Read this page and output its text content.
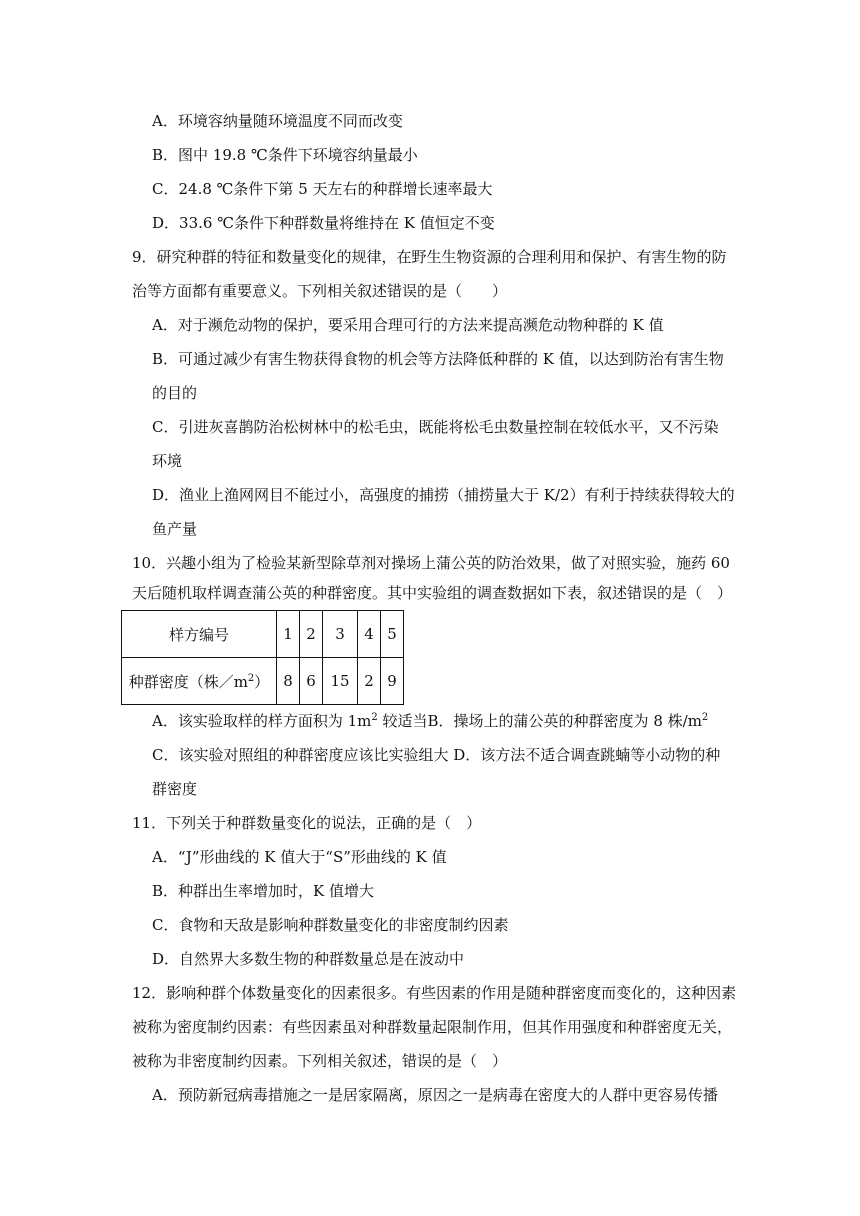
A．环境容纳量随环境温度不同而改变
B．图中 19.8 ℃条件下环境容纳量最小
C．24.8 ℃条件下第 5 天左右的种群增长速率最大
D．33.6 ℃条件下种群数量将维持在 K 值恒定不变
9．研究种群的特征和数量变化的规律，在野生生物资源的合理利用和保护、有害生物的防
治等方面都有重要意义。下列相关叙述错误的是（　　）
A．对于濒危动物的保护，要采用合理可行的方法来提高濒危动物种群的 K 值
B．可通过减少有害生物获得食物的机会等方法降低种群的 K 值，以达到防治有害生物
的目的
C．引进灰喜鹊防治松树林中的松毛虫，既能将松毛虫数量控制在较低水平，又不污染
环境
D．渔业上渔网网目不能过小，高强度的捕捞（捕捞量大于 K/2）有利于持续获得较大的
鱼产量
10．兴趣小组为了检验某新型除草剂对操场上蒲公英的防治效果，做了对照实验，施药 60
天后随机取样调查蒲公英的种群密度。其中实验组的调查数据如下表，叙述错误的是（　）
样方编号	1	2	3	4	5
种群密度（株$/m^2$）	8	6	15	2	9
A．该实验取样的样方面积为 $1m^2$ 较适当B．操场上的蒲公英的种群密度为 8 株$/m^2$
C．该实验对照组的种群密度应该比实验组大 D．该方法不适合调查跳蝻等小动物的种
群密度
11．下列关于种群数量变化的说法，正确的是（　）
A．“J”形曲线的 K 值大于“S”形曲线的 K 值
B．种群出生率增加时，K 值增大
C．食物和天敌是影响种群数量变化的非密度制约因素
D．自然界大多数生物的种群数量总是在波动中
12．影响种群个体数量变化的因素很多。有些因素的作用是随种群密度而变化的，这种因素
被称为密度制约因素：有些因素虽对种群数量起限制作用，但其作用强度和种群密度无关，
被称为非密度制约因素。下列相关叙述，错误的是（　）
A．预防新冠病毒措施之一是居家隔离，原因之一是病毒在密度大的人群中更容易传播
